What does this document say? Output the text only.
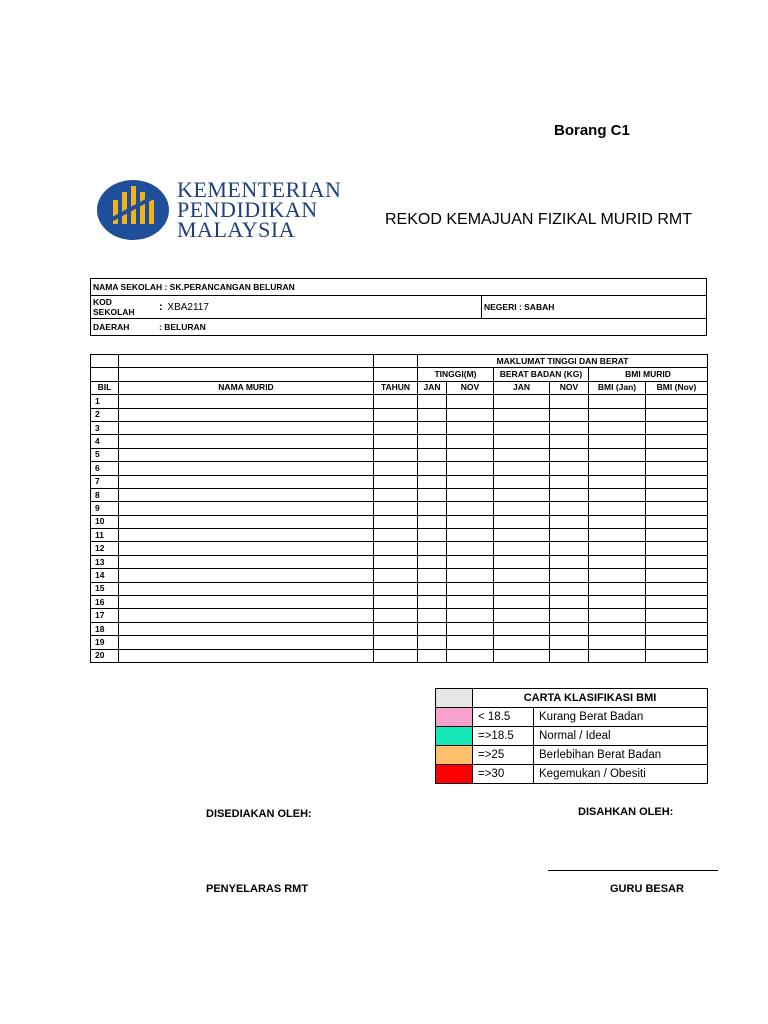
Borang C1
KEMENTERIAN
PENDIDIKAN
MALAYSIA	REKOD KEMAJUAN FIZIKAL MURID RMT
NAMA SEKOLAH : SK.PERANCANGAN BELURAN		
KOD SEKOLAH	: XBA2117	NEGERI : SABAH
DAERAH	: BELURAN	
			MAKLUMAT TINGGI DAN BERAT					
			TINGGI(M)		BERAT BADAN (KG)		BMI MURID	
BIL	NAMA MURID	TAHUN	JAN	NOV	JAN	NOV	BMI (Jan)	BMI (Nov)
1								
2								
3								
4								
5								
6								
7								
8								
9								
10								
11								
12								
13								
14								
15								
16								
17								
18								
19								
20								
	CARTA KLASIFIKASI BMI	
	< 18.5	Kurang Berat Badan
	=>18.5	Normal / Ideal
	=>25	Berlebihan Berat Badan
	=>30	Kegemukan / Obesiti
DISEDIAKAN OLEH:	DISAHKAN OLEH:
PENYELARAS RMT	GURU BESAR
